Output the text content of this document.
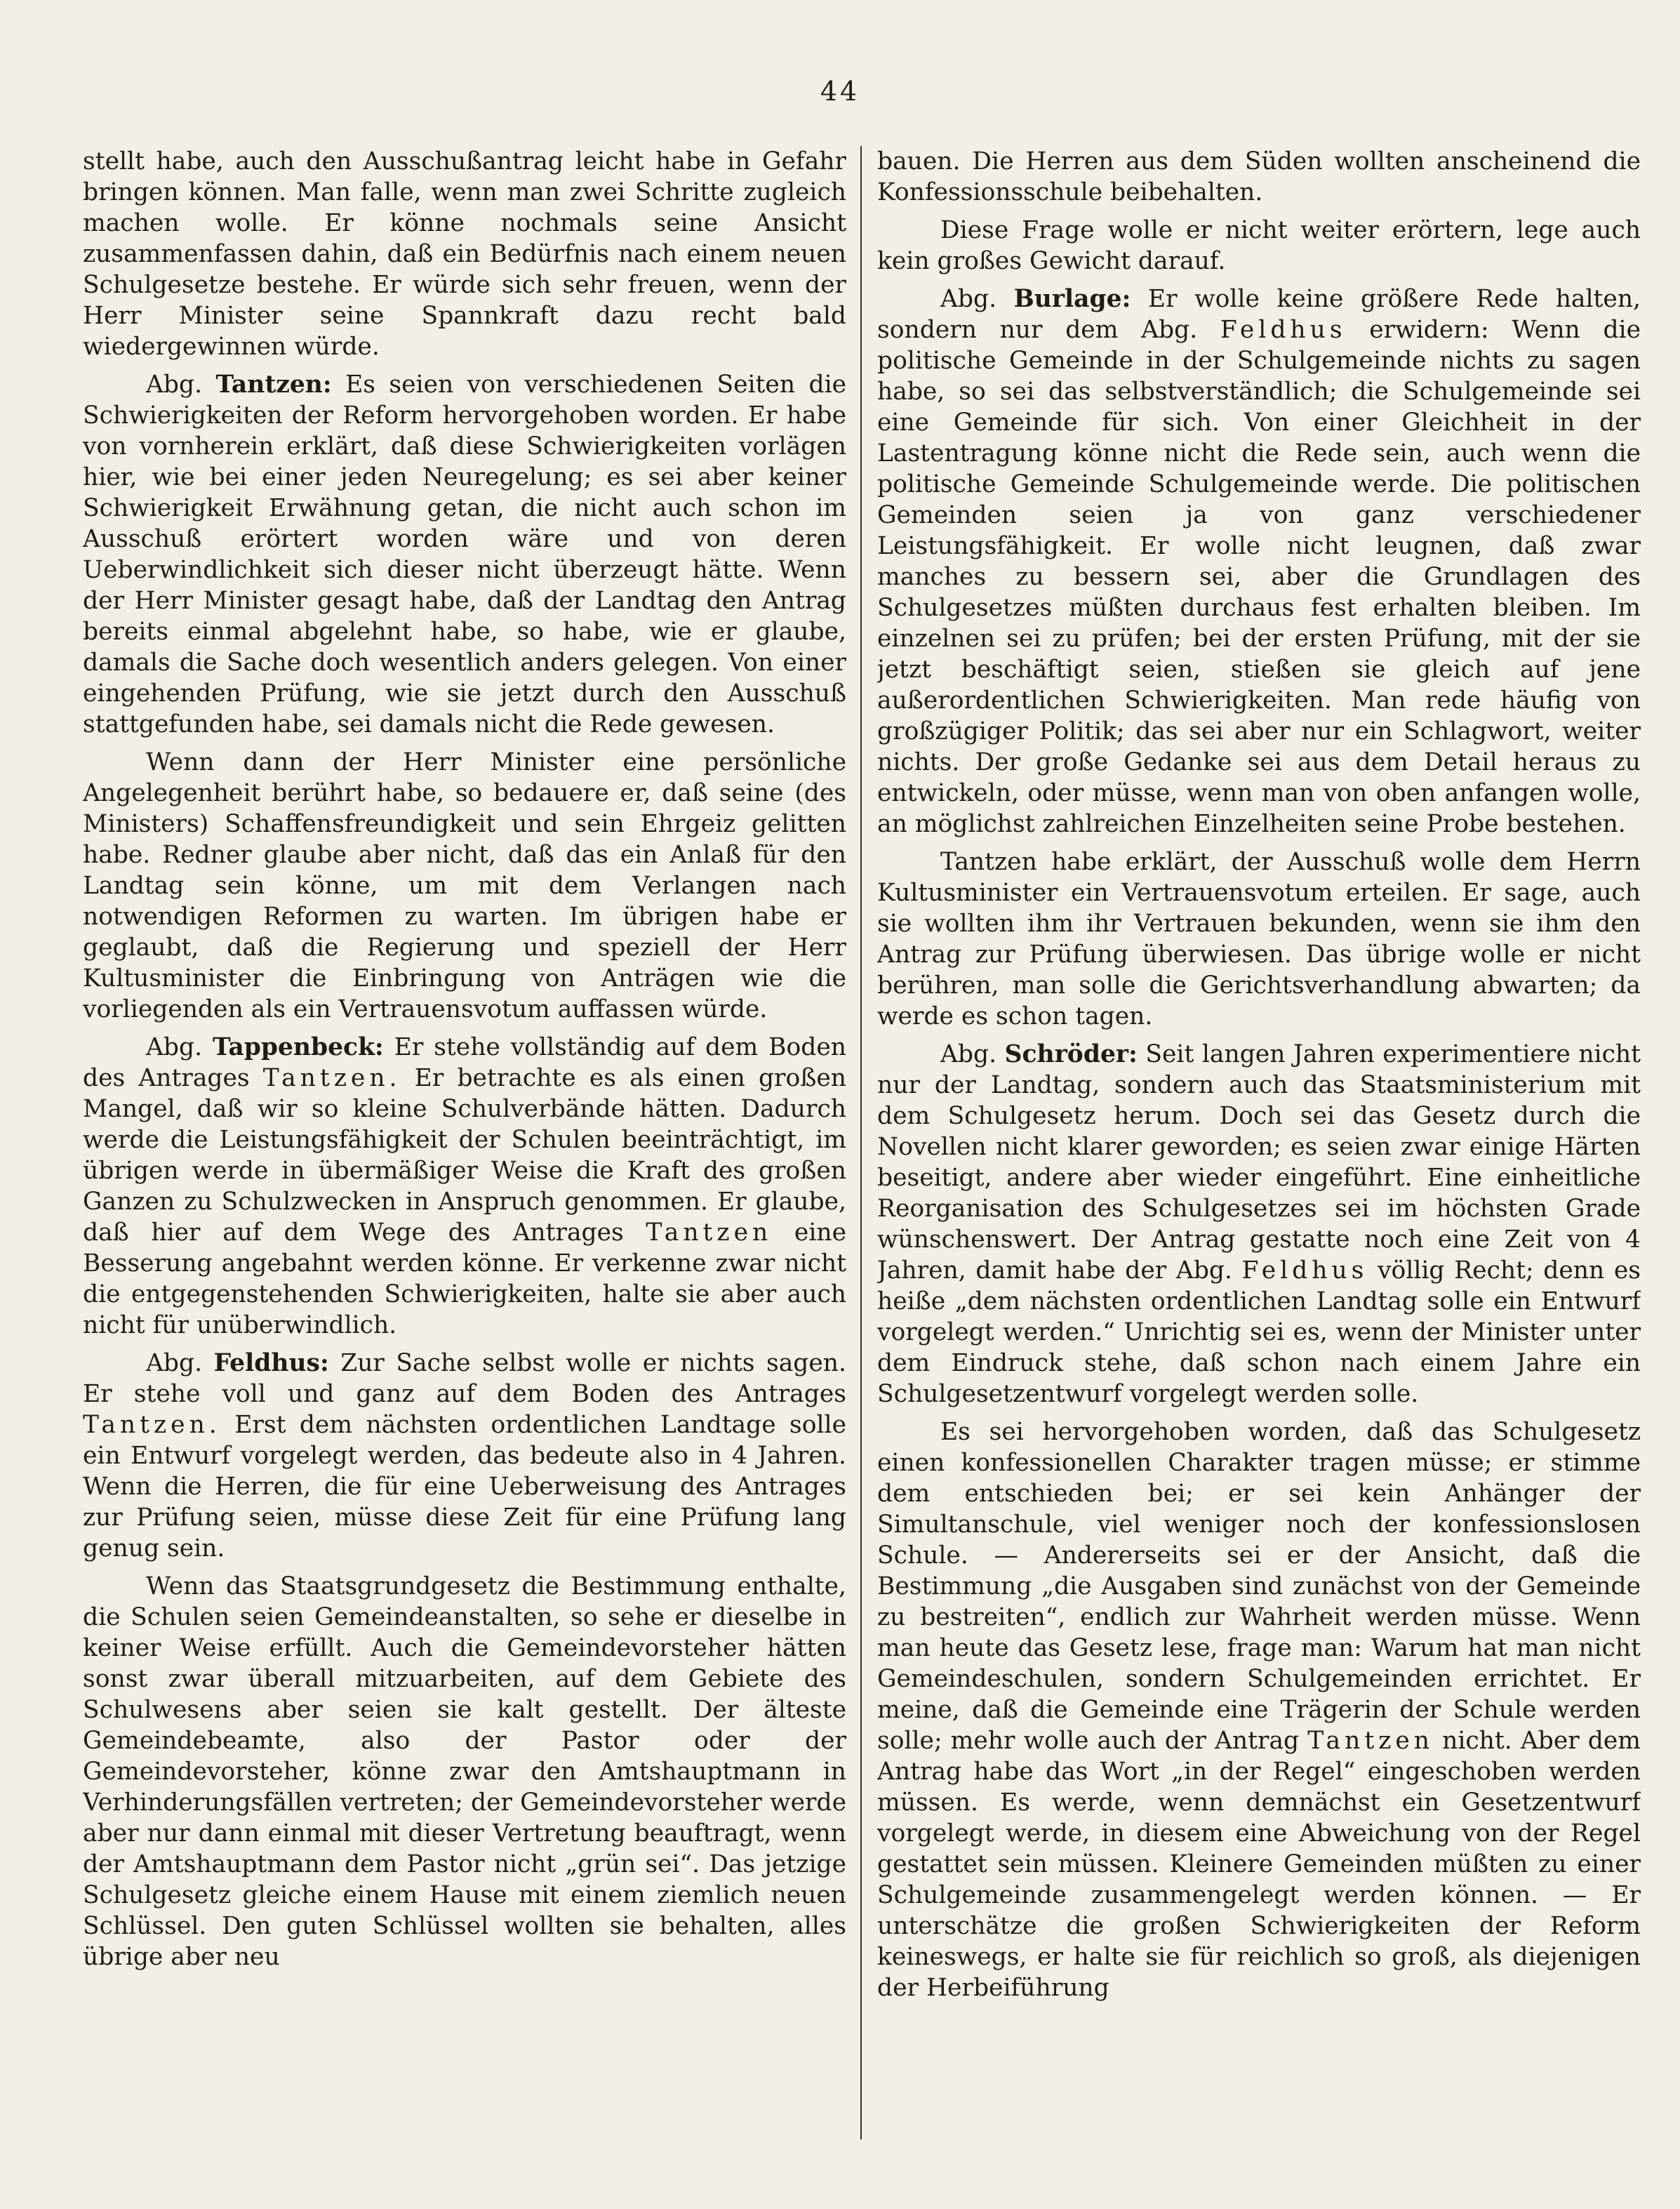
44

stellt habe, auch den Ausschußantrag leicht habe in Gefahr bringen können. Man falle, wenn man zwei Schritte zugleich machen wolle. Er könne nochmals seine Ansicht zusammenfassen dahin, daß ein Bedürfnis nach einem neuen Schulgesetze bestehe. Er würde sich sehr freuen, wenn der Herr Minister seine Spannkraft dazu recht bald wiedergewinnen würde.

Abg. Tantzen: Es seien von verschiedenen Seiten die Schwierigkeiten der Reform hervorgehoben worden. Er habe von vornherein erklärt, daß diese Schwierigkeiten vorlägen hier, wie bei einer jeden Neuregelung; es sei aber keiner Schwierigkeit Erwähnung getan, die nicht auch schon im Ausschuß erörtert worden wäre und von deren Ueberwindlichkeit sich dieser nicht überzeugt hätte. Wenn der Herr Minister gesagt habe, daß der Landtag den Antrag bereits einmal abgelehnt habe, so habe, wie er glaube, damals die Sache doch wesentlich anders gelegen. Von einer eingehenden Prüfung, wie sie jetzt durch den Ausschuß stattgefunden habe, sei damals nicht die Rede gewesen.

Wenn dann der Herr Minister eine persönliche Angelegenheit berührt habe, so bedauere er, daß seine (des Ministers) Schaffensfreundigkeit und sein Ehrgeiz gelitten habe. Redner glaube aber nicht, daß das ein Anlaß für den Landtag sein könne, um mit dem Verlangen nach notwendigen Reformen zu warten. Im übrigen habe er geglaubt, daß die Regierung und speziell der Herr Kultusminister die Einbringung von Anträgen wie die vorliegenden als ein Vertrauensvotum auffassen würde.

Abg. Tappenbeck: Er stehe vollständig auf dem Boden des Antrages Tantzen. Er betrachte es als einen großen Mangel, daß wir so kleine Schulverbände hätten. Dadurch werde die Leistungsfähigkeit der Schulen beeinträchtigt, im übrigen werde in übermäßiger Weise die Kraft des großen Ganzen zu Schulzwecken in Anspruch genommen. Er glaube, daß hier auf dem Wege des Antrages Tantzen eine Besserung angebahnt werden könne. Er verkenne zwar nicht die entgegenstehenden Schwierigkeiten, halte sie aber auch nicht für unüberwindlich.

Abg. Feldhus: Zur Sache selbst wolle er nichts sagen. Er stehe voll und ganz auf dem Boden des Antrages Tantzen. Erst dem nächsten ordentlichen Landtage solle ein Entwurf vorgelegt werden, das bedeute also in 4 Jahren. Wenn die Herren, die für eine Ueberweisung des Antrages zur Prüfung seien, müsse diese Zeit für eine Prüfung lang genug sein.

Wenn das Staatsgrundgesetz die Bestimmung enthalte, die Schulen seien Gemeindeanstalten, so sehe er dieselbe in keiner Weise erfüllt. Auch die Gemeindevorsteher hätten sonst zwar überall mitzuarbeiten, auf dem Gebiete des Schulwesens aber seien sie kalt gestellt. Der älteste Gemeindebeamte, also der Pastor oder der Gemeindevorsteher, könne zwar den Amtshauptmann in Verhinderungsfällen vertreten; der Gemeindevorsteher werde aber nur dann einmal mit dieser Vertretung beauftragt, wenn der Amtshauptmann dem Pastor nicht „grün sei“. Das jetzige Schulgesetz gleiche einem Hause mit einem ziemlich neuen Schlüssel. Den guten Schlüssel wollten sie behalten, alles übrige aber neu

bauen. Die Herren aus dem Süden wollten anscheinend die Konfessionsschule beibehalten.

Diese Frage wolle er nicht weiter erörtern, lege auch kein großes Gewicht darauf.

Abg. Burlage: Er wolle keine größere Rede halten, sondern nur dem Abg. Feldhus erwidern: Wenn die politische Gemeinde in der Schulgemeinde nichts zu sagen habe, so sei das selbstverständlich; die Schulgemeinde sei eine Gemeinde für sich. Von einer Gleichheit in der Lastentragung könne nicht die Rede sein, auch wenn die politische Gemeinde Schulgemeinde werde. Die politischen Gemeinden seien ja von ganz verschiedener Leistungsfähigkeit. Er wolle nicht leugnen, daß zwar manches zu bessern sei, aber die Grundlagen des Schulgesetzes müßten durchaus fest erhalten bleiben. Im einzelnen sei zu prüfen; bei der ersten Prüfung, mit der sie jetzt beschäftigt seien, stießen sie gleich auf jene außerordentlichen Schwierigkeiten. Man rede häufig von großzügiger Politik; das sei aber nur ein Schlagwort, weiter nichts. Der große Gedanke sei aus dem Detail heraus zu entwickeln, oder müsse, wenn man von oben anfangen wolle, an möglichst zahlreichen Einzelheiten seine Probe bestehen.

Tantzen habe erklärt, der Ausschuß wolle dem Herrn Kultusminister ein Vertrauensvotum erteilen. Er sage, auch sie wollten ihm ihr Vertrauen bekunden, wenn sie ihm den Antrag zur Prüfung überwiesen. Das übrige wolle er nicht berühren, man solle die Gerichtsverhandlung abwarten; da werde es schon tagen.

Abg. Schröder: Seit langen Jahren experimentiere nicht nur der Landtag, sondern auch das Staatsministerium mit dem Schulgesetz herum. Doch sei das Gesetz durch die Novellen nicht klarer geworden; es seien zwar einige Härten beseitigt, andere aber wieder eingeführt. Eine einheitliche Reorganisation des Schulgesetzes sei im höchsten Grade wünschenswert. Der Antrag gestatte noch eine Zeit von 4 Jahren, damit habe der Abg. Feldhus völlig Recht; denn es heiße „dem nächsten ordentlichen Landtag solle ein Entwurf vorgelegt werden.“ Unrichtig sei es, wenn der Minister unter dem Eindruck stehe, daß schon nach einem Jahre ein Schulgesetzentwurf vorgelegt werden solle.

Es sei hervorgehoben worden, daß das Schulgesetz einen konfessionellen Charakter tragen müsse; er stimme dem entschieden bei; er sei kein Anhänger der Simultanschule, viel weniger noch der konfessionslosen Schule. — Andererseits sei er der Ansicht, daß die Bestimmung „die Ausgaben sind zunächst von der Gemeinde zu bestreiten“, endlich zur Wahrheit werden müsse. Wenn man heute das Gesetz lese, frage man: Warum hat man nicht Gemeindeschulen, sondern Schulgemeinden errichtet. Er meine, daß die Gemeinde eine Trägerin der Schule werden solle; mehr wolle auch der Antrag Tantzen nicht. Aber dem Antrag habe das Wort „in der Regel“ eingeschoben werden müssen. Es werde, wenn demnächst ein Gesetzentwurf vorgelegt werde, in diesem eine Abweichung von der Regel gestattet sein müssen. Kleinere Gemeinden müßten zu einer Schulgemeinde zusammengelegt werden können. — Er unterschätze die großen Schwierigkeiten der Reform keineswegs, er halte sie für reichlich so groß, als diejenigen der Herbeiführung
